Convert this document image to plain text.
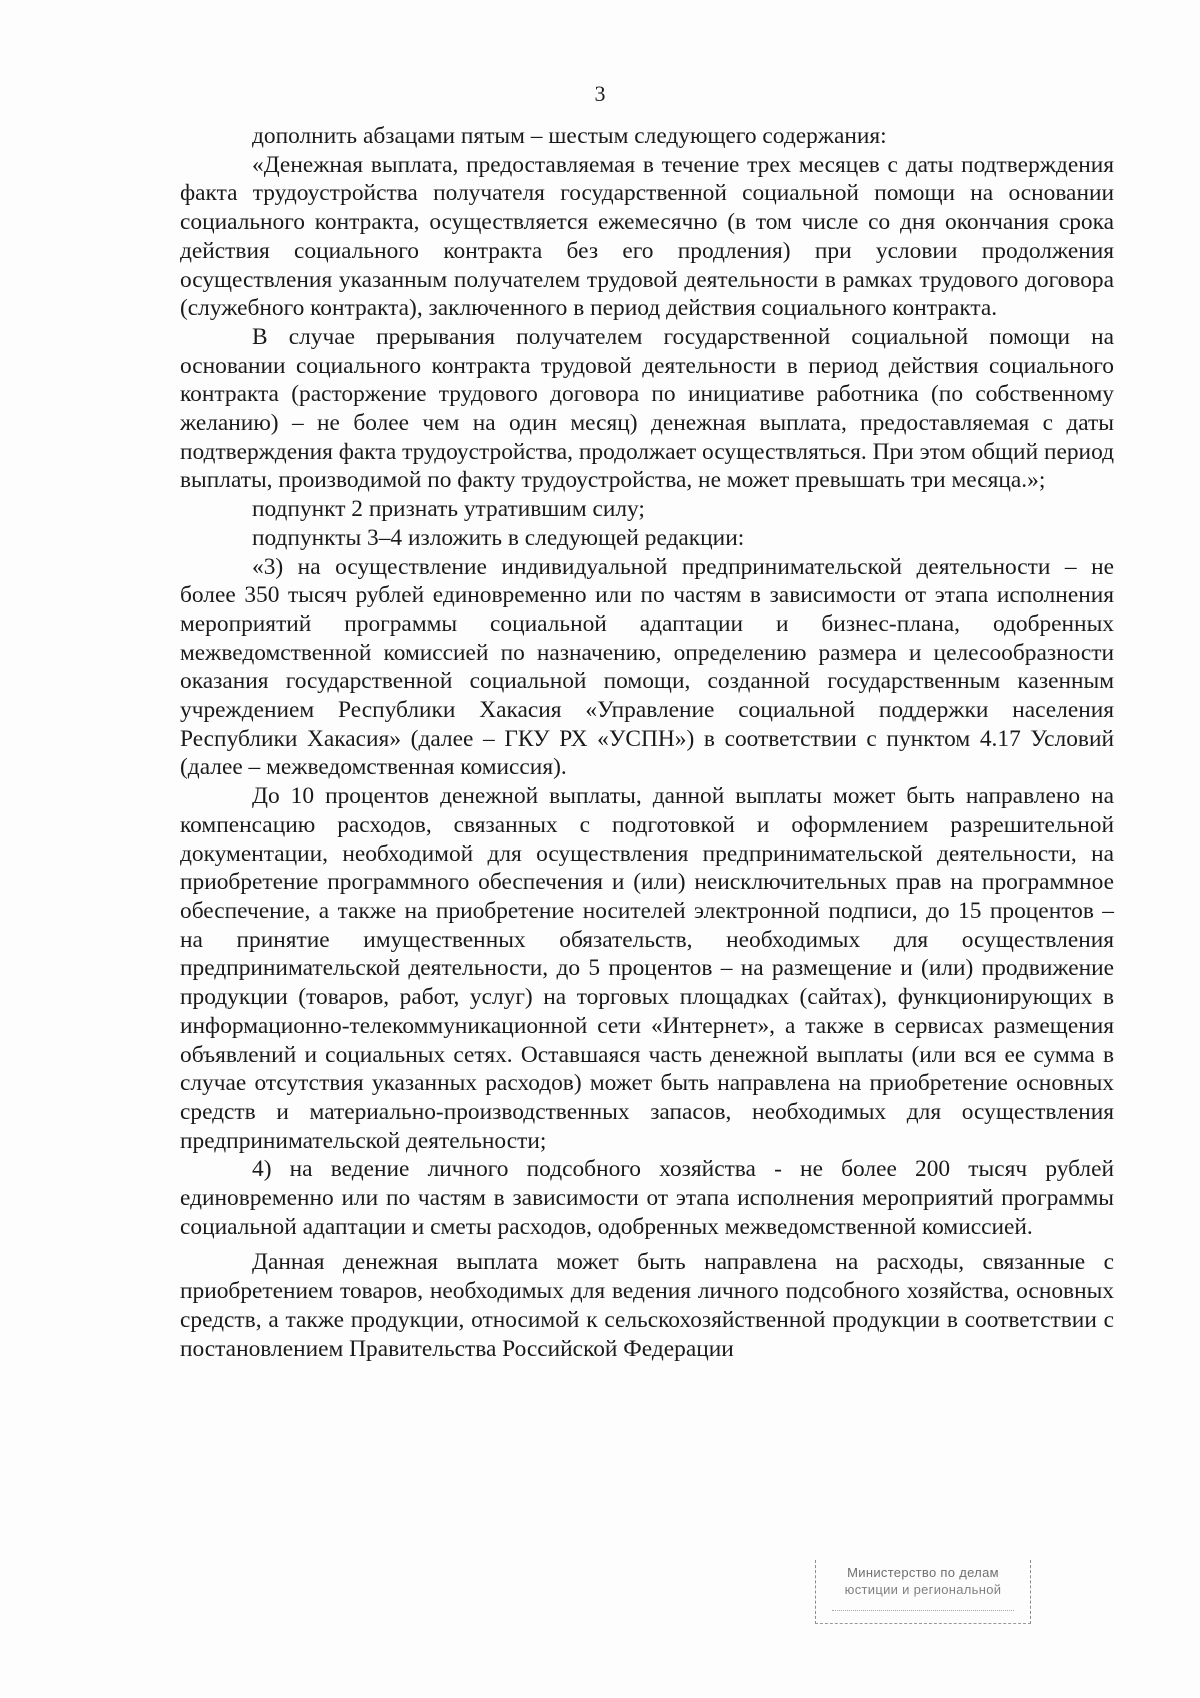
3

дополнить абзацами пятым – шестым следующего содержания:

«Денежная выплата, предоставляемая в течение трех месяцев с даты подтверждения факта трудоустройства получателя государственной социальной помощи на основании социального контракта, осуществляется ежемесячно (в том числе со дня окончания срока действия социального контракта без его продления) при условии продолжения осуществления указанным получателем трудовой деятельности в рамках трудового договора (служебного контракта), заключенного в период действия социального контракта.

В случае прерывания получателем государственной социальной помощи на основании социального контракта трудовой деятельности в период действия социального контракта (расторжение трудового договора по инициативе работника (по собственному желанию) – не более чем на один месяц) денежная выплата, предоставляемая с даты подтверждения факта трудоустройства, продолжает осуществляться. При этом общий период выплаты, производимой по факту трудоустройства, не может превышать три месяца.»;

подпункт 2 признать утратившим силу;

подпункты 3–4 изложить в следующей редакции:

«3) на осуществление индивидуальной предпринимательской деятельности – не более 350 тысяч рублей единовременно или по частям в зависимости от этапа исполнения мероприятий программы социальной адаптации и бизнес-плана, одобренных межведомственной комиссией по назначению, определению размера и целесообразности оказания государственной социальной помощи, созданной государственным казенным учреждением Республики Хакасия «Управление социальной поддержки населения Республики Хакасия» (далее – ГКУ РХ «УСПН») в соответствии с пунктом 4.17 Условий (далее – межведомственная комиссия).

До 10 процентов денежной выплаты, данной выплаты может быть направлено на компенсацию расходов, связанных с подготовкой и оформлением разрешительной документации, необходимой для осуществления предпринимательской деятельности, на приобретение программного обеспечения и (или) неисключительных прав на программное обеспечение, а также на приобретение носителей электронной подписи, до 15 процентов – на принятие имущественных обязательств, необходимых для осуществления предпринимательской деятельности, до 5 процентов – на размещение и (или) продвижение продукции (товаров, работ, услуг) на торговых площадках (сайтах), функционирующих в информационно-телекоммуникационной сети «Интернет», а также в сервисах размещения объявлений и социальных сетях. Оставшаяся часть денежной выплаты (или вся ее сумма в случае отсутствия указанных расходов) может быть направлена на приобретение основных средств и материально-производственных запасов, необходимых для осуществления предпринимательской деятельности;

4) на ведение личного подсобного хозяйства - не более 200 тысяч рублей единовременно или по частям в зависимости от этапа исполнения мероприятий программы социальной адаптации и сметы расходов, одобренных межведомственной комиссией.

Данная денежная выплата может быть направлена на расходы, связанные с приобретением товаров, необходимых для ведения личного подсобного хозяйства, основных средств, а также продукции, относимой к сельскохозяйственной продукции в соответствии с постановлением Правительства Российской Федерации

Министерство по делам
юстиции и региональной
